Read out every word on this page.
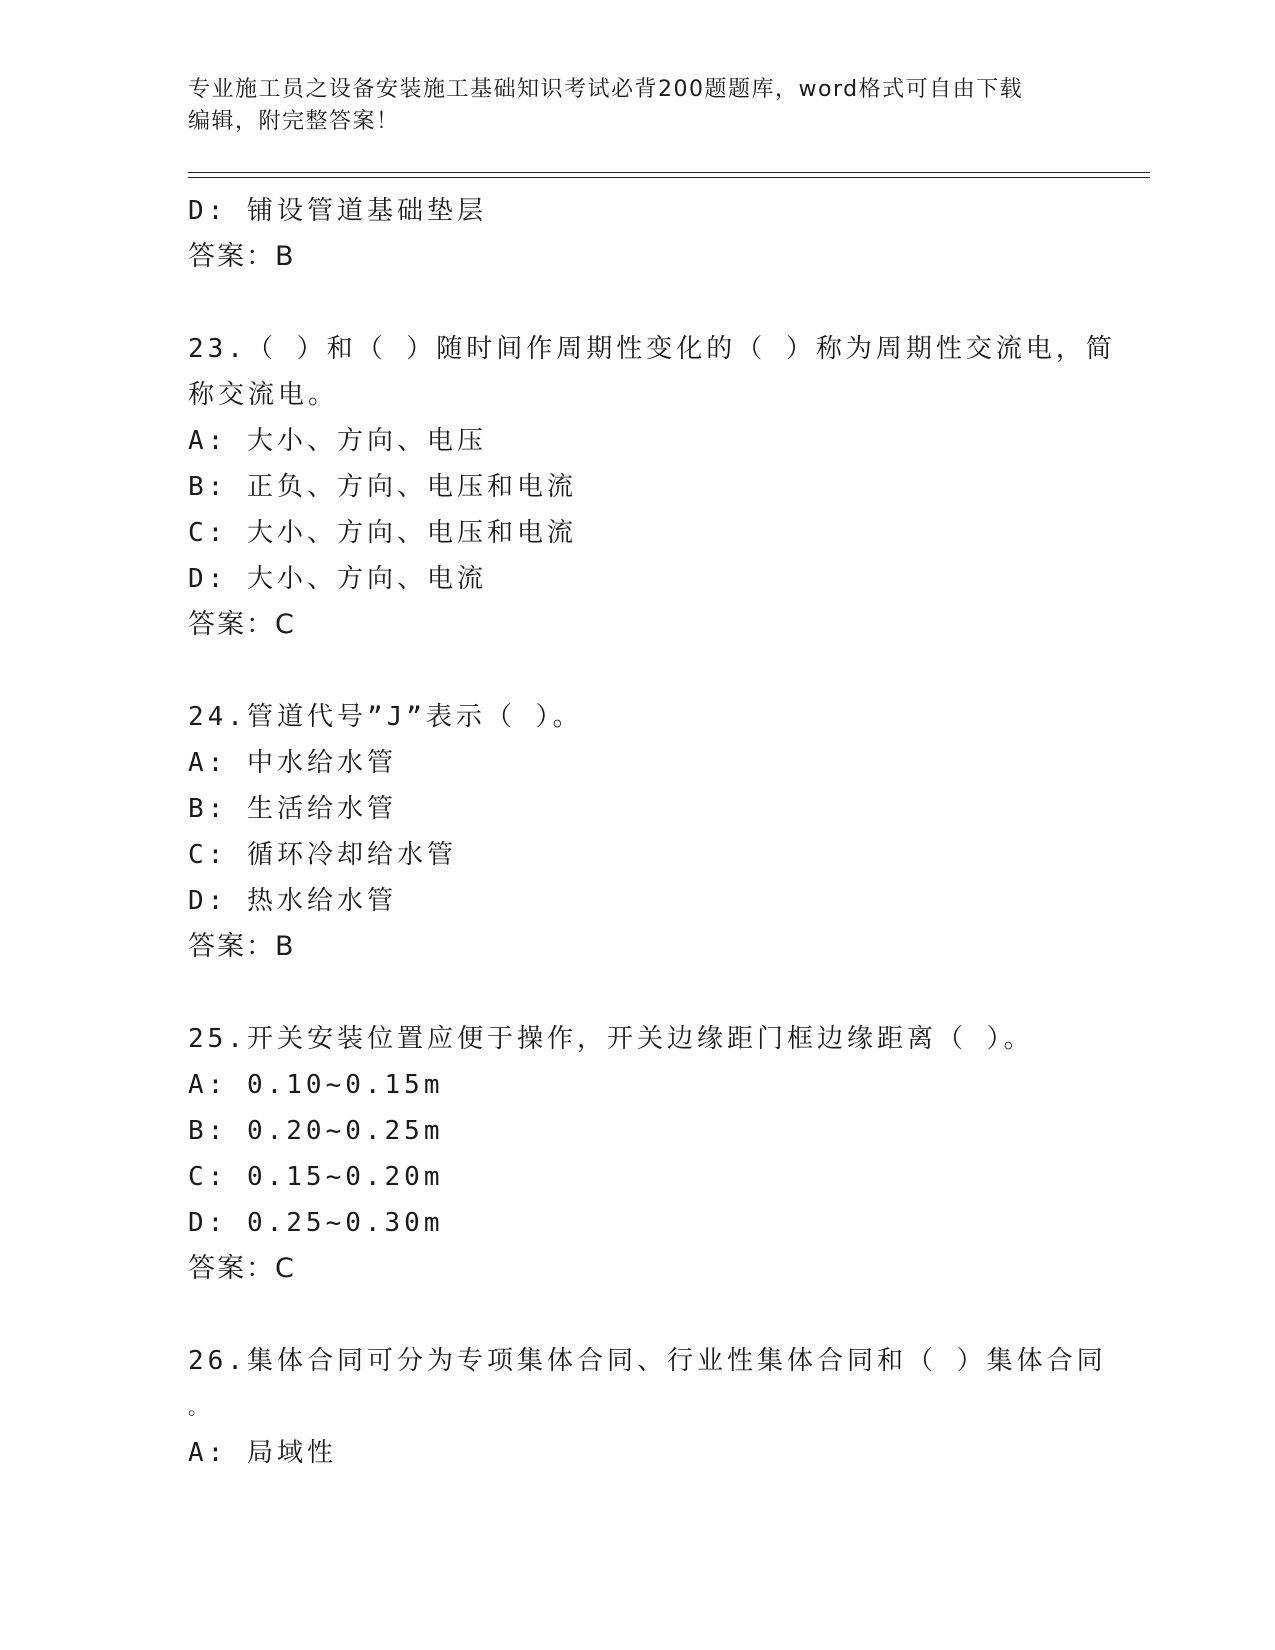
专业施工员之设备安装施工基础知识考试必背200题题库，word格式可自由下载
编辑，附完整答案！
D: 铺设管道基础垫层
答案：B
23.（ ）和（ ）随时间作周期性变化的（ ）称为周期性交流电，简
称交流电。
A: 大小、方向、电压
B: 正负、方向、电压和电流
C: 大小、方向、电压和电流
D: 大小、方向、电流
答案：C
24.管道代号”J”表示（ ）。
A: 中水给水管
B: 生活给水管
C: 循环冷却给水管
D: 热水给水管
答案：B
25.开关安装位置应便于操作，开关边缘距门框边缘距离（ ）。
A: 0.10~0.15m
B: 0.20~0.25m
C: 0.15~0.20m
D: 0.25~0.30m
答案：C
26.集体合同可分为专项集体合同、行业性集体合同和（ ）集体合同
。
A: 局域性
